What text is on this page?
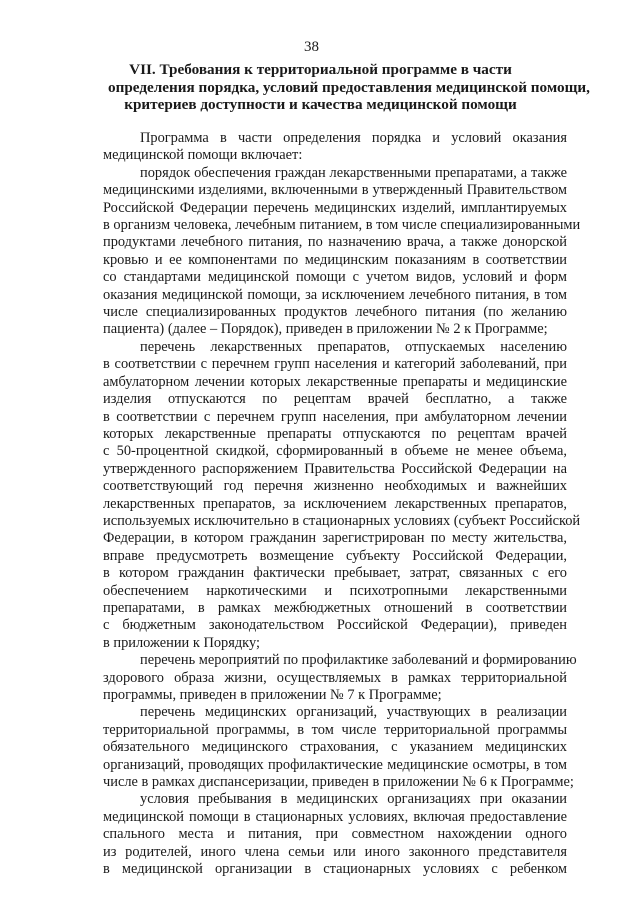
38
VII. Требования к территориальной программе в части
определения порядка, условий предоставления медицинской помощи,
критериев доступности и качества медицинской помощи
Программа в части определения порядка и условий оказания
медицинской помощи включает:
порядок обеспечения граждан лекарственными препаратами, а также
медицинскими изделиями, включенными в утвержденный Правительством
Российской Федерации перечень медицинских изделий, имплантируемых
в организм человека, лечебным питанием, в том числе специализированными
продуктами лечебного питания, по назначению врача, а также донорской
кровью и ее компонентами по медицинским показаниям в соответствии
со стандартами медицинской помощи с учетом видов, условий и форм
оказания медицинской помощи, за исключением лечебного питания, в том
числе специализированных продуктов лечебного питания (по желанию
пациента) (далее – Порядок), приведен в приложении № 2 к Программе;
перечень лекарственных препаратов, отпускаемых населению
в соответствии с перечнем групп населения и категорий заболеваний, при
амбулаторном лечении которых лекарственные препараты и медицинские
изделия отпускаются по рецептам врачей бесплатно, а также
в соответствии с перечнем групп населения, при амбулаторном лечении
которых лекарственные препараты отпускаются по рецептам врачей
с 50-процентной скидкой, сформированный в объеме не менее объема,
утвержденного распоряжением Правительства Российской Федерации на
соответствующий год перечня жизненно необходимых и важнейших
лекарственных препаратов, за исключением лекарственных препаратов,
используемых исключительно в стационарных условиях (субъект Российской
Федерации, в котором гражданин зарегистрирован по месту жительства,
вправе предусмотреть возмещение субъекту Российской Федерации,
в котором гражданин фактически пребывает, затрат, связанных с его
обеспечением наркотическими и психотропными лекарственными
препаратами, в рамках межбюджетных отношений в соответствии
с бюджетным законодательством Российской Федерации), приведен
в приложении к Порядку;
перечень мероприятий по профилактике заболеваний и формированию
здорового образа жизни, осуществляемых в рамках территориальной
программы, приведен в приложении № 7 к Программе;
перечень медицинских организаций, участвующих в реализации
территориальной программы, в том числе территориальной программы
обязательного медицинского страхования, с указанием медицинских
организаций, проводящих профилактические медицинские осмотры, в том
числе в рамках диспансеризации, приведен в приложении № 6 к Программе;
условия пребывания в медицинских организациях при оказании
медицинской помощи в стационарных условиях, включая предоставление
спального места и питания, при совместном нахождении одного
из родителей, иного члена семьи или иного законного представителя
в медицинской организации в стационарных условиях с ребенком
